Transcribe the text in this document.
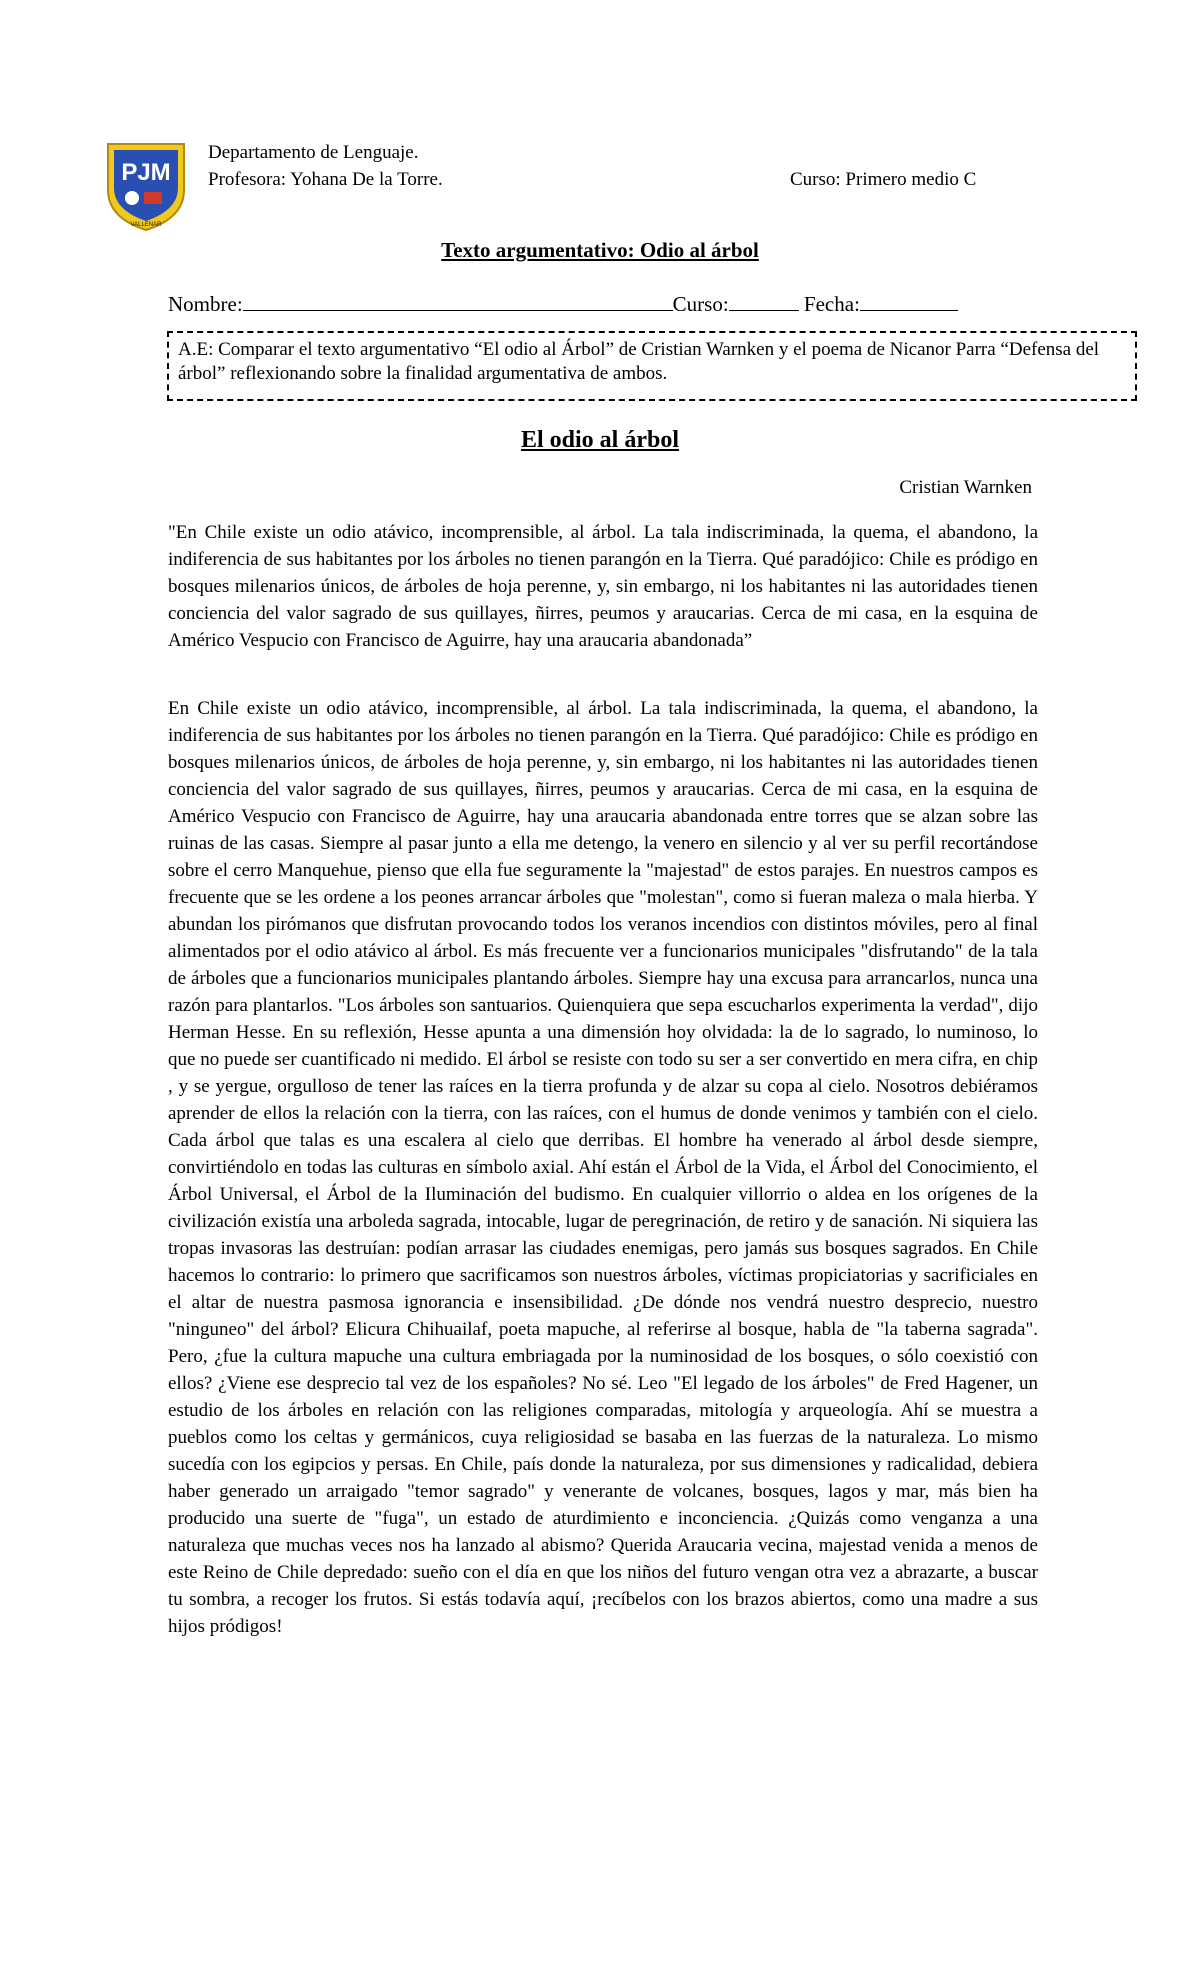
PJM
VALLENAR
Departamento de Lenguaje.
Profesora: Yohana De la Torre.	Curso: Primero medio C
Texto argumentativo: Odio al árbol
Nombre:	Curso:	Fecha:
A.E: Comparar el texto argumentativo “El odio al Árbol” de Cristian Warnken y el poema de Nicanor Parra “Defensa del árbol” reflexionando sobre la finalidad argumentativa de ambos.
El odio al árbol
Cristian Warnken

"En Chile existe un odio atávico, incomprensible, al árbol. La tala indiscriminada, la quema, el abandono, la indiferencia de sus habitantes por los árboles no tienen parangón en la Tierra. Qué paradójico: Chile es pródigo en bosques milenarios únicos, de árboles de hoja perenne, y, sin embargo, ni los habitantes ni las autoridades tienen conciencia del valor sagrado de sus quillayes, ñirres, peumos y araucarias. Cerca de mi casa, en la esquina de Américo Vespucio con Francisco de Aguirre, hay una araucaria abandonada”

En Chile existe un odio atávico, incomprensible, al árbol. La tala indiscriminada, la quema, el abandono, la indiferencia de sus habitantes por los árboles no tienen parangón en la Tierra. Qué paradójico: Chile es pródigo en bosques milenarios únicos, de árboles de hoja perenne, y, sin embargo, ni los habitantes ni las autoridades tienen conciencia del valor sagrado de sus quillayes, ñirres, peumos y araucarias. Cerca de mi casa, en la esquina de Américo Vespucio con Francisco de Aguirre, hay una araucaria abandonada entre torres que se alzan sobre las ruinas de las casas. Siempre al pasar junto a ella me detengo, la venero en silencio y al ver su perfil recortándose sobre el cerro Manquehue, pienso que ella fue seguramente la "majestad" de estos parajes. En nuestros campos es frecuente que se les ordene a los peones arrancar árboles que "molestan", como si fueran maleza o mala hierba. Y abundan los pirómanos que disfrutan provocando todos los veranos incendios con distintos móviles, pero al final alimentados por el odio atávico al árbol. Es más frecuente ver a funcionarios municipales "disfrutando" de la tala de árboles que a funcionarios municipales plantando árboles. Siempre hay una excusa para arrancarlos, nunca una razón para plantarlos. "Los árboles son santuarios. Quienquiera que sepa escucharlos experimenta la verdad", dijo Herman Hesse. En su reflexión, Hesse apunta a una dimensión hoy olvidada: la de lo sagrado, lo numinoso, lo que no puede ser cuantificado ni medido. El árbol se resiste con todo su ser a ser convertido en mera cifra, en chip , y se yergue, orgulloso de tener las raíces en la tierra profunda y de alzar su copa al cielo. Nosotros debiéramos aprender de ellos la relación con la tierra, con las raíces, con el humus de donde venimos y también con el cielo. Cada árbol que talas es una escalera al cielo que derribas. El hombre ha venerado al árbol desde siempre, convirtiéndolo en todas las culturas en símbolo axial. Ahí están el Árbol de la Vida, el Árbol del Conocimiento, el Árbol Universal, el Árbol de la Iluminación del budismo. En cualquier villorrio o aldea en los orígenes de la civilización existía una arboleda sagrada, intocable, lugar de peregrinación, de retiro y de sanación. Ni siquiera las tropas invasoras las destruían: podían arrasar las ciudades enemigas, pero jamás sus bosques sagrados. En Chile hacemos lo contrario: lo primero que sacrificamos son nuestros árboles, víctimas propiciatorias y sacrificiales en el altar de nuestra pasmosa ignorancia e insensibilidad. ¿De dónde nos vendrá nuestro desprecio, nuestro "ninguneo" del árbol? Elicura Chihuailaf, poeta mapuche, al referirse al bosque, habla de "la taberna sagrada". Pero, ¿fue la cultura mapuche una cultura embriagada por la numinosidad de los bosques, o sólo coexistió con ellos? ¿Viene ese desprecio tal vez de los españoles? No sé. Leo "El legado de los árboles" de Fred Hagener, un estudio de los árboles en relación con las religiones comparadas, mitología y arqueología. Ahí se muestra a pueblos como los celtas y germánicos, cuya religiosidad se basaba en las fuerzas de la naturaleza. Lo mismo sucedía con los egipcios y persas. En Chile, país donde la naturaleza, por sus dimensiones y radicalidad, debiera haber generado un arraigado "temor sagrado" y venerante de volcanes, bosques, lagos y mar, más bien ha producido una suerte de "fuga", un estado de aturdimiento e inconciencia. ¿Quizás como venganza a una naturaleza que muchas veces nos ha lanzado al abismo? Querida Araucaria vecina, majestad venida a menos de este Reino de Chile depredado: sueño con el día en que los niños del futuro vengan otra vez a abrazarte, a buscar tu sombra, a recoger los frutos. Si estás todavía aquí, ¡recíbelos con los brazos abiertos, como una madre a sus hijos pródigos!
